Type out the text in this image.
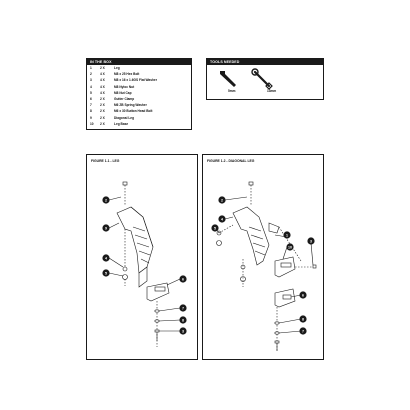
IN THE BOX
1	2 X	Leg
2	4 X	M8 x 25 Hex Bolt
3	4 X	M8 x 16 x 1.6GS Flat Washer
4	4 X	M8 Nyloc Nut
5	4 X	M8 Nut Cap
6	2 X	Gutter Clamp
7	2 X	M6 ZB Spring Washer
8	2 X	M6 x 30 Button Head Bolt
9	2 X	Diagonal Leg
10	2 X	Leg Base
TOOLS NEEDED
5mm	13mm
FIGURE 1.1 - LEG
2
9
4
5
6
7
8
3
FIGURE 1.2 - DIAGONAL LEG
2
5
4
1
10
3
6
8
7
